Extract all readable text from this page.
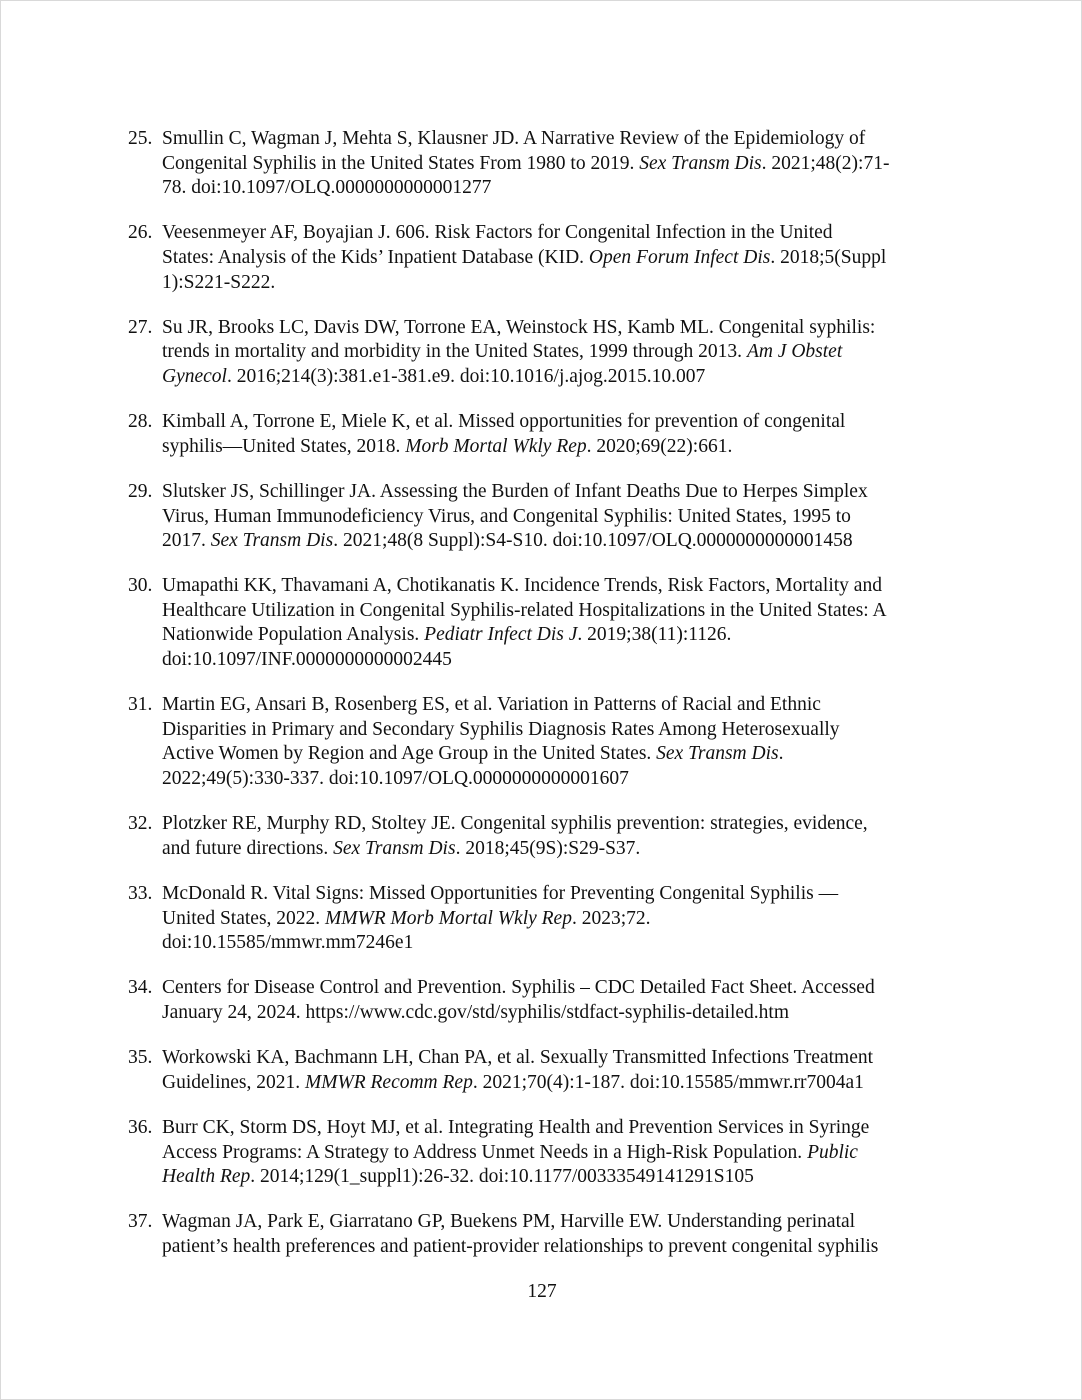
25. Smullin C, Wagman J, Mehta S, Klausner JD. A Narrative Review of the Epidemiology of
Congenital Syphilis in the United States From 1980 to 2019. Sex Transm Dis. 2021;48(2):71-
78. doi:10.1097/OLQ.0000000000001277
26. Veesenmeyer AF, Boyajian J. 606. Risk Factors for Congenital Infection in the United
States: Analysis of the Kids’ Inpatient Database (KID. Open Forum Infect Dis. 2018;5(Suppl
1):S221-S222.
27. Su JR, Brooks LC, Davis DW, Torrone EA, Weinstock HS, Kamb ML. Congenital syphilis:
trends in mortality and morbidity in the United States, 1999 through 2013. Am J Obstet
Gynecol. 2016;214(3):381.e1-381.e9. doi:10.1016/j.ajog.2015.10.007
28. Kimball A, Torrone E, Miele K, et al. Missed opportunities for prevention of congenital
syphilis—United States, 2018. Morb Mortal Wkly Rep. 2020;69(22):661.
29. Slutsker JS, Schillinger JA. Assessing the Burden of Infant Deaths Due to Herpes Simplex
Virus, Human Immunodeficiency Virus, and Congenital Syphilis: United States, 1995 to
2017. Sex Transm Dis. 2021;48(8 Suppl):S4-S10. doi:10.1097/OLQ.0000000000001458
30. Umapathi KK, Thavamani A, Chotikanatis K. Incidence Trends, Risk Factors, Mortality and
Healthcare Utilization in Congenital Syphilis-related Hospitalizations in the United States: A
Nationwide Population Analysis. Pediatr Infect Dis J. 2019;38(11):1126.
doi:10.1097/INF.0000000000002445
31. Martin EG, Ansari B, Rosenberg ES, et al. Variation in Patterns of Racial and Ethnic
Disparities in Primary and Secondary Syphilis Diagnosis Rates Among Heterosexually
Active Women by Region and Age Group in the United States. Sex Transm Dis.
2022;49(5):330-337. doi:10.1097/OLQ.0000000000001607
32. Plotzker RE, Murphy RD, Stoltey JE. Congenital syphilis prevention: strategies, evidence,
and future directions. Sex Transm Dis. 2018;45(9S):S29-S37.
33. McDonald R. Vital Signs: Missed Opportunities for Preventing Congenital Syphilis —
United States, 2022. MMWR Morb Mortal Wkly Rep. 2023;72.
doi:10.15585/mmwr.mm7246e1
34. Centers for Disease Control and Prevention. Syphilis – CDC Detailed Fact Sheet. Accessed
January 24, 2024. https://www.cdc.gov/std/syphilis/stdfact-syphilis-detailed.htm
35. Workowski KA, Bachmann LH, Chan PA, et al. Sexually Transmitted Infections Treatment
Guidelines, 2021. MMWR Recomm Rep. 2021;70(4):1-187. doi:10.15585/mmwr.rr7004a1
36. Burr CK, Storm DS, Hoyt MJ, et al. Integrating Health and Prevention Services in Syringe
Access Programs: A Strategy to Address Unmet Needs in a High-Risk Population. Public
Health Rep. 2014;129(1_suppl1):26-32. doi:10.1177/00333549141291S105
37. Wagman JA, Park E, Giarratano GP, Buekens PM, Harville EW. Understanding perinatal
patient’s health preferences and patient-provider relationships to prevent congenital syphilis
127
